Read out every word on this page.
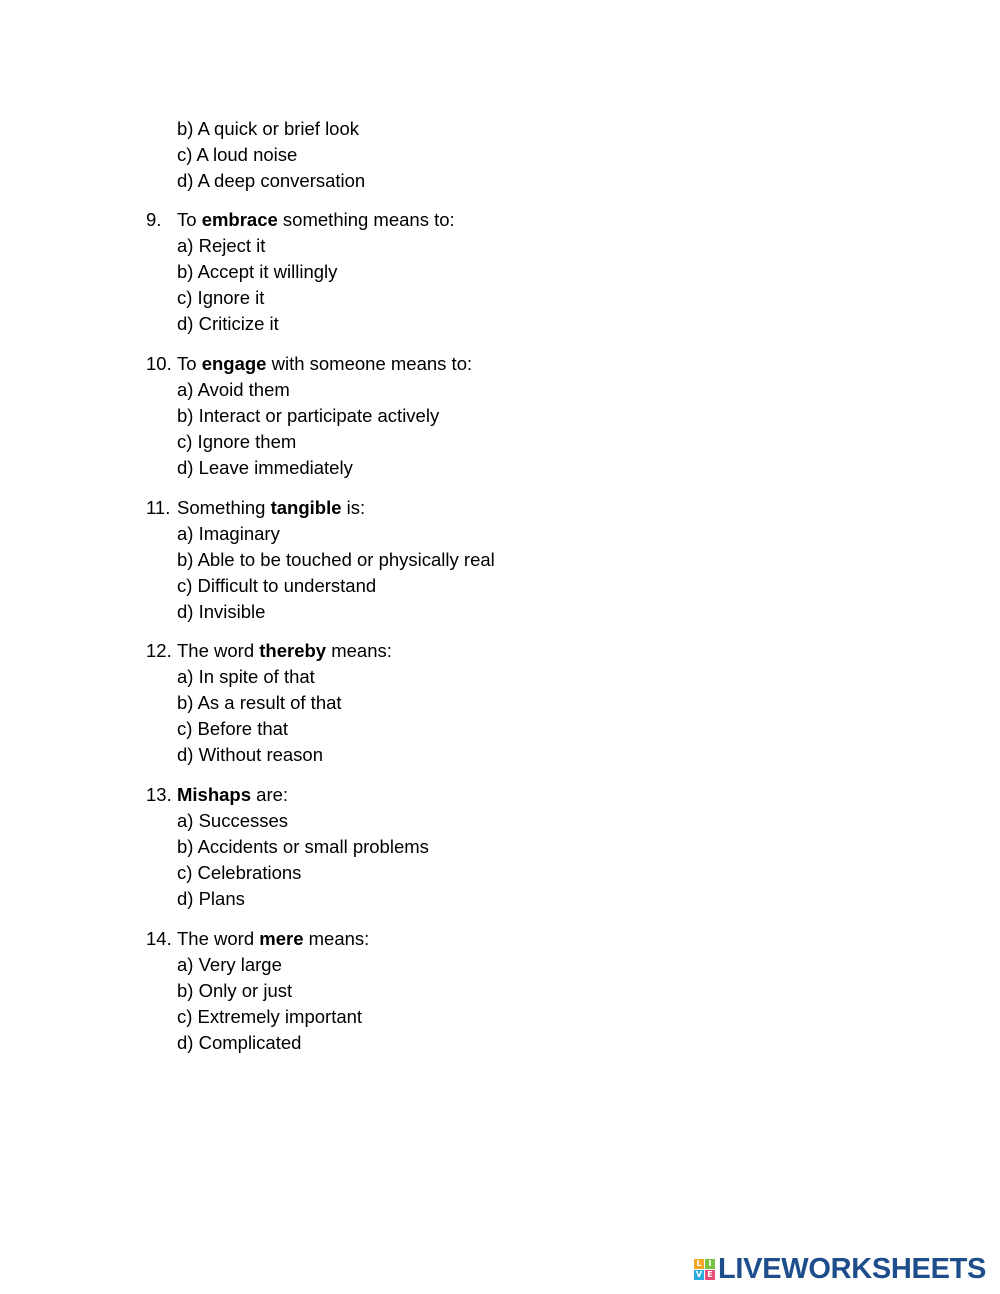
b) A quick or brief look
c) A loud noise
d) A deep conversation
9. To embrace something means to:
a) Reject it
b) Accept it willingly
c) Ignore it
d) Criticize it
10. To engage with someone means to:
a) Avoid them
b) Interact or participate actively
c) Ignore them
d) Leave immediately
11. Something tangible is:
a) Imaginary
b) Able to be touched or physically real
c) Difficult to understand
d) Invisible
12. The word thereby means:
a) In spite of that
b) As a result of that
c) Before that
d) Without reason
13. Mishaps are:
a) Successes
b) Accidents or small problems
c) Celebrations
d) Plans
14. The word mere means:
a) Very large
b) Only or just
c) Extremely important
d) Complicated
L I
V E LIVEWORKSHEETS
